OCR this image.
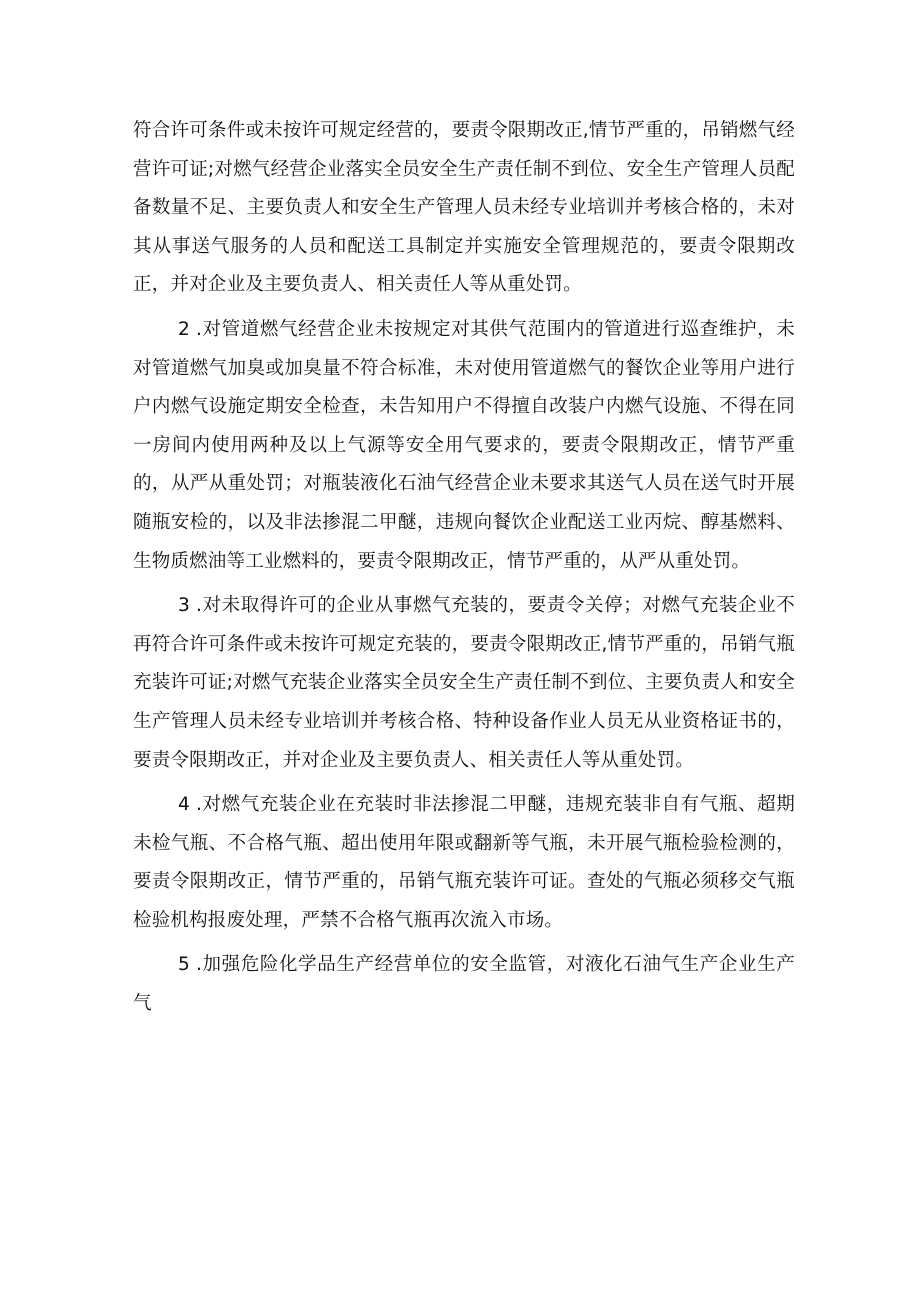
符合许可条件或未按许可规定经营的，要责令限期改正,情节严重的，吊销燃气经营许可证;对燃气经营企业落实全员安全生产责任制不到位、安全生产管理人员配备数量不足、主要负责人和安全生产管理人员未经专业培训并考核合格的，未对其从事送气服务的人员和配送工具制定并实施安全管理规范的，要责令限期改正，并对企业及主要负责人、相关责任人等从重处罚。

2 .对管道燃气经营企业未按规定对其供气范围内的管道进行巡查维护，未对管道燃气加臭或加臭量不符合标准，未对使用管道燃气的餐饮企业等用户进行户内燃气设施定期安全检查，未告知用户不得擅自改装户内燃气设施、不得在同一房间内使用两种及以上气源等安全用气要求的，要责令限期改正，情节严重的，从严从重处罚；对瓶装液化石油气经营企业未要求其送气人员在送气时开展随瓶安检的，以及非法掺混二甲醚，违规向餐饮企业配送工业丙烷、醇基燃料、生物质燃油等工业燃料的，要责令限期改正，情节严重的，从严从重处罚。

3 .对未取得许可的企业从事燃气充装的，要责令关停；对燃气充装企业不再符合许可条件或未按许可规定充装的，要责令限期改正,情节严重的，吊销气瓶充装许可证;对燃气充装企业落实全员安全生产责任制不到位、主要负责人和安全生产管理人员未经专业培训并考核合格、特种设备作业人员无从业资格证书的，要责令限期改正，并对企业及主要负责人、相关责任人等从重处罚。

4 .对燃气充装企业在充装时非法掺混二甲醚，违规充装非自有气瓶、超期未检气瓶、不合格气瓶、超出使用年限或翻新等气瓶，未开展气瓶检验检测的，要责令限期改正，情节严重的，吊销气瓶充装许可证。查处的气瓶必须移交气瓶检验机构报废处理，严禁不合格气瓶再次流入市场。

5 .加强危险化学品生产经营单位的安全监管，对液化石油气生产企业生产气
